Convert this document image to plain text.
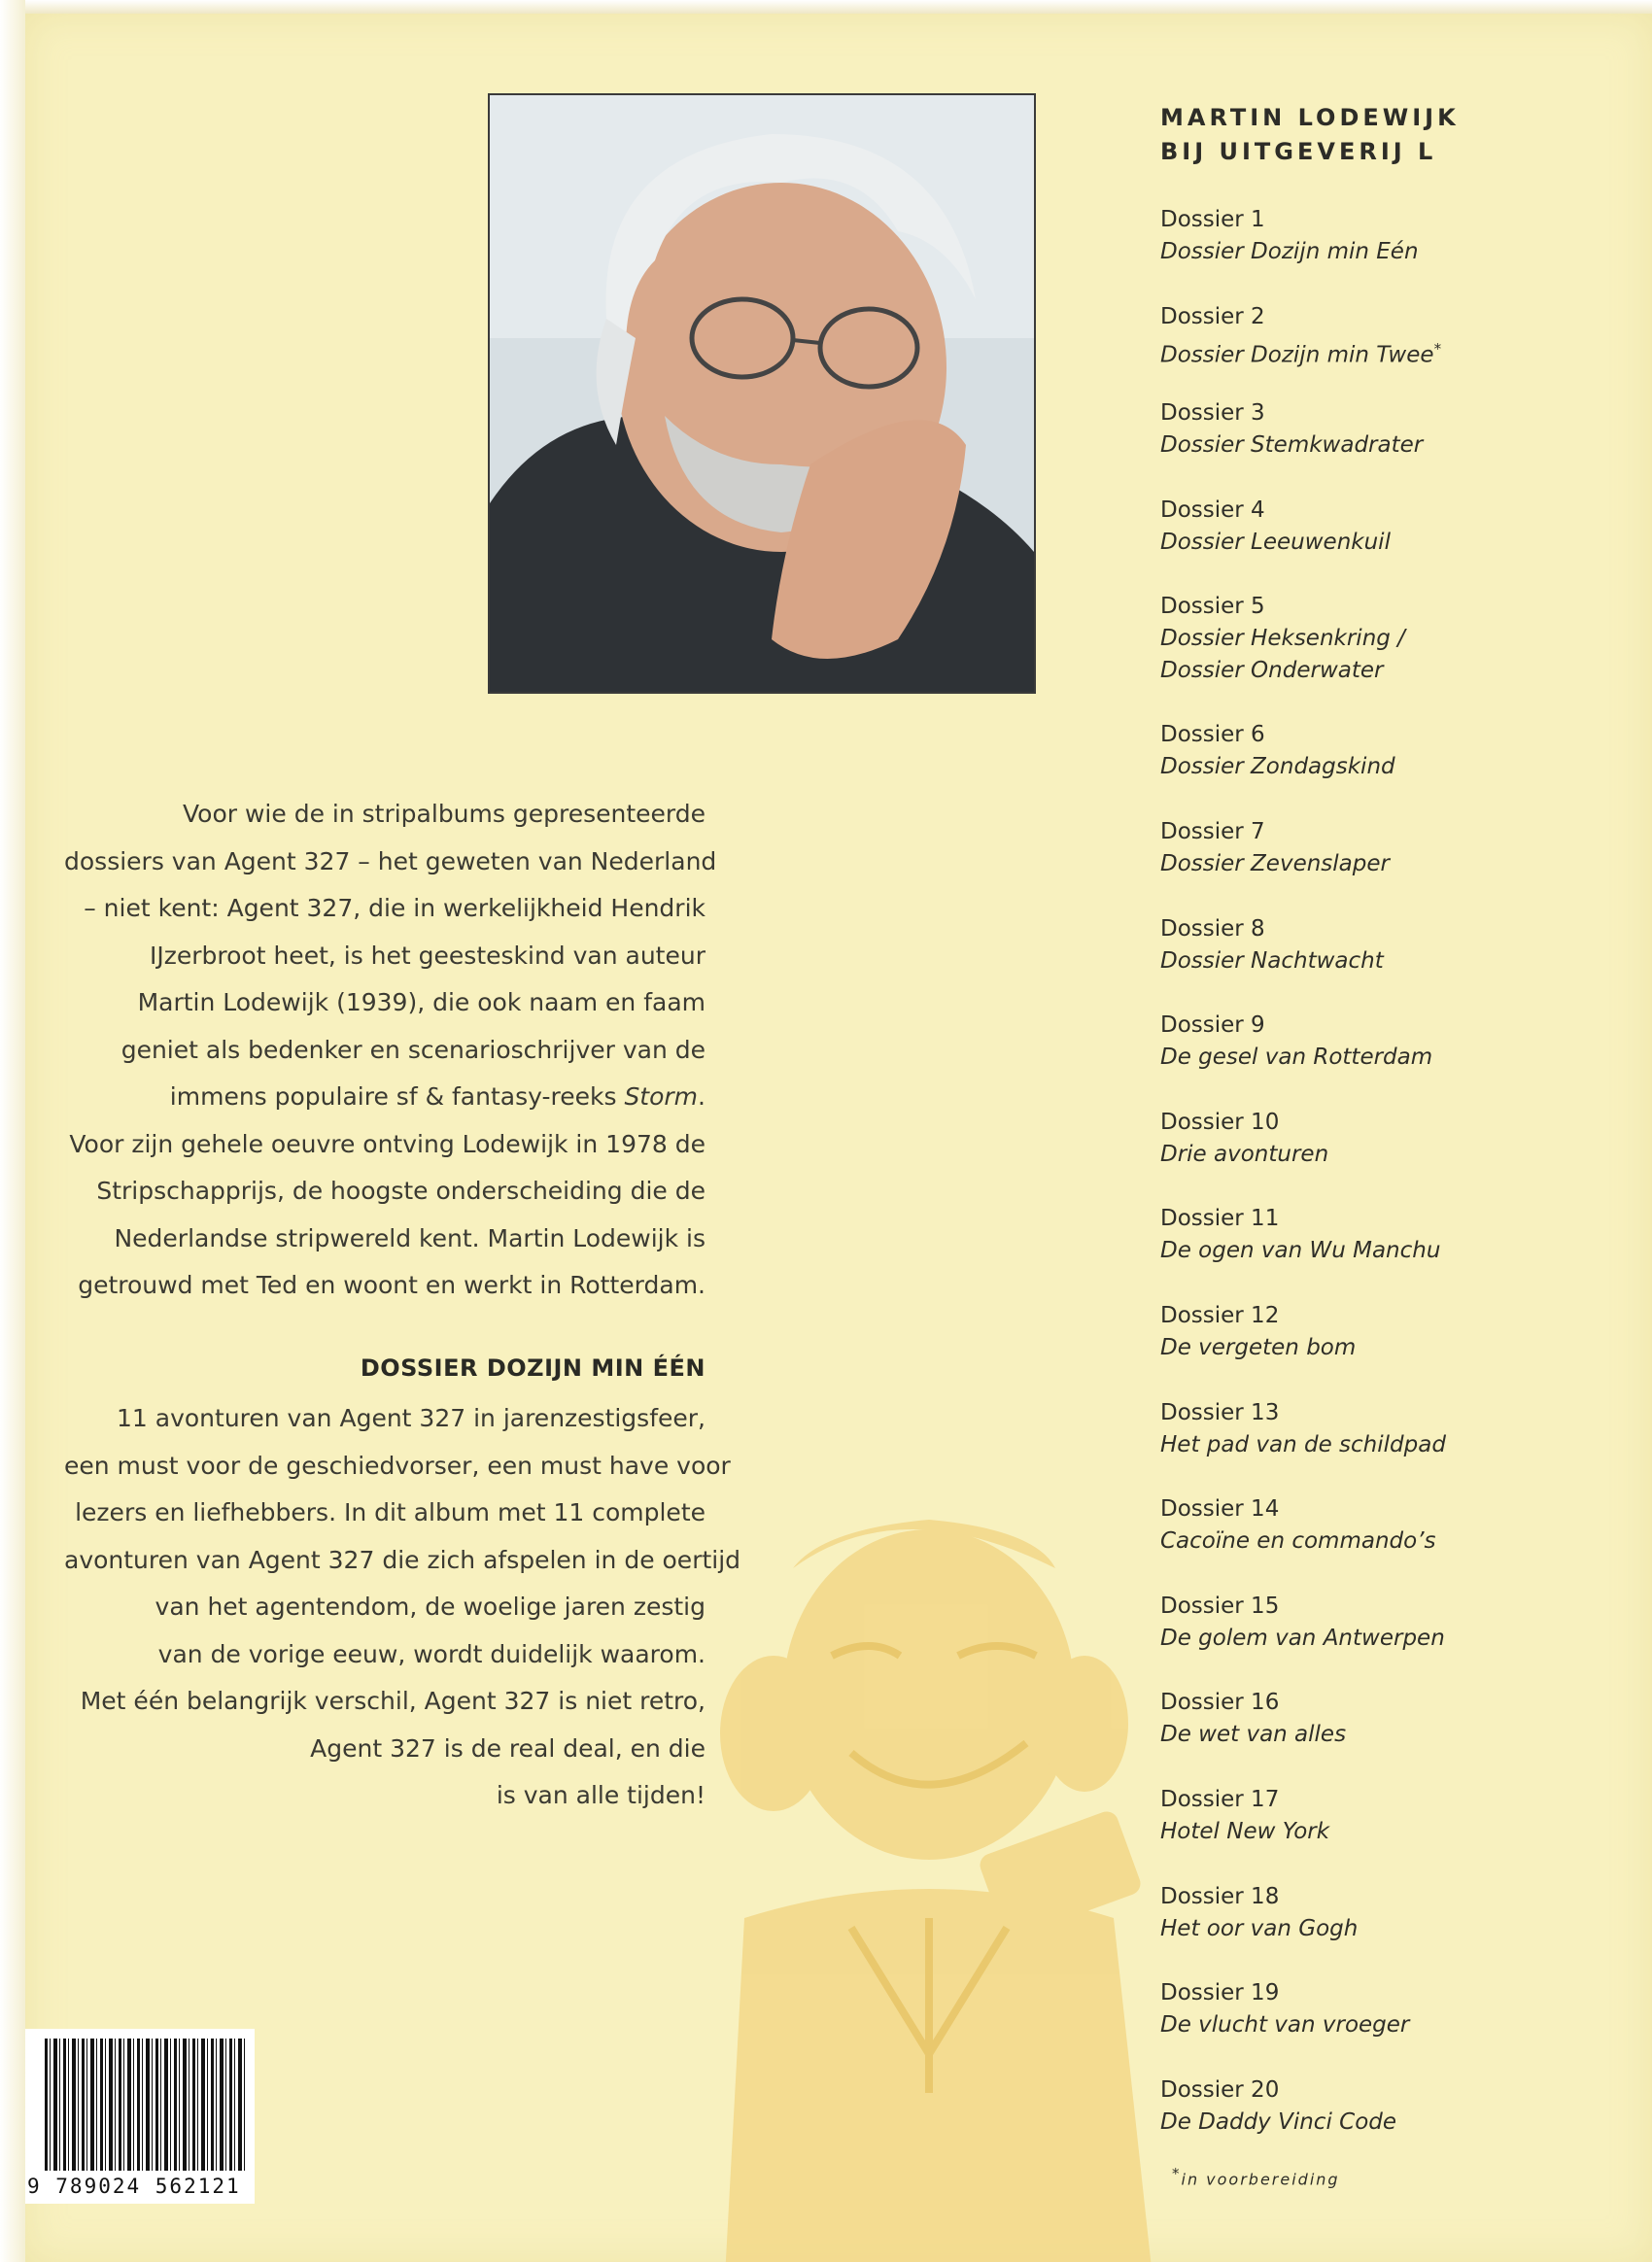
MARTIN LODEWIJK
BIJ UITGEVERIJ L
Dossier 1
Dossier Dozijn min Eén
Dossier 2
Dossier Dozijn min Twee*
Dossier 3
Dossier Stemkwadrater
Dossier 4
Dossier Leeuwenkuil
Dossier 5
Dossier Heksenkring /
Dossier Onderwater
Dossier 6
Dossier Zondagskind
Dossier 7
Dossier Zevenslaper
Dossier 8
Dossier Nachtwacht
Dossier 9
De gesel van Rotterdam
Dossier 10
Drie avonturen
Dossier 11
De ogen van Wu Manchu
Dossier 12
De vergeten bom
Dossier 13
Het pad van de schildpad
Dossier 14
Cacoïne en commando’s
Dossier 15
De golem van Antwerpen
Dossier 16
De wet van alles
Dossier 17
Hotel New York
Dossier 18
Het oor van Gogh
Dossier 19
De vlucht van vroeger
Dossier 20
De Daddy Vinci Code
*in voorbereiding
Voor wie de in stripalbums gepresenteerde
dossiers van Agent 327 – het geweten van Nederland
– niet kent: Agent 327, die in werkelijkheid Hendrik
IJzerbroot heet, is het geesteskind van auteur
Martin Lodewijk (1939), die ook naam en faam
geniet als bedenker en scenarioschrijver van de
immens populaire sf & fantasy-reeks Storm.
Voor zijn gehele oeuvre ontving Lodewijk in 1978 de
Stripschapprijs, de hoogste onderscheiding die de
Nederlandse stripwereld kent. Martin Lodewijk is
getrouwd met Ted en woont en werkt in Rotterdam.
DOSSIER DOZIJN MIN ÉÉN
11 avonturen van Agent 327 in jarenzestigsfeer,
een must voor de geschiedvorser, een must have voor
lezers en liefhebbers. In dit album met 11 complete
avonturen van Agent 327 die zich afspelen in de oertijd
van het agentendom, de woelige jaren zestig
van de vorige eeuw, wordt duidelijk waarom.
Met één belangrijk verschil, Agent 327 is niet retro,
Agent 327 is de real deal, en die
is van alle tijden!
9 789024 562121
